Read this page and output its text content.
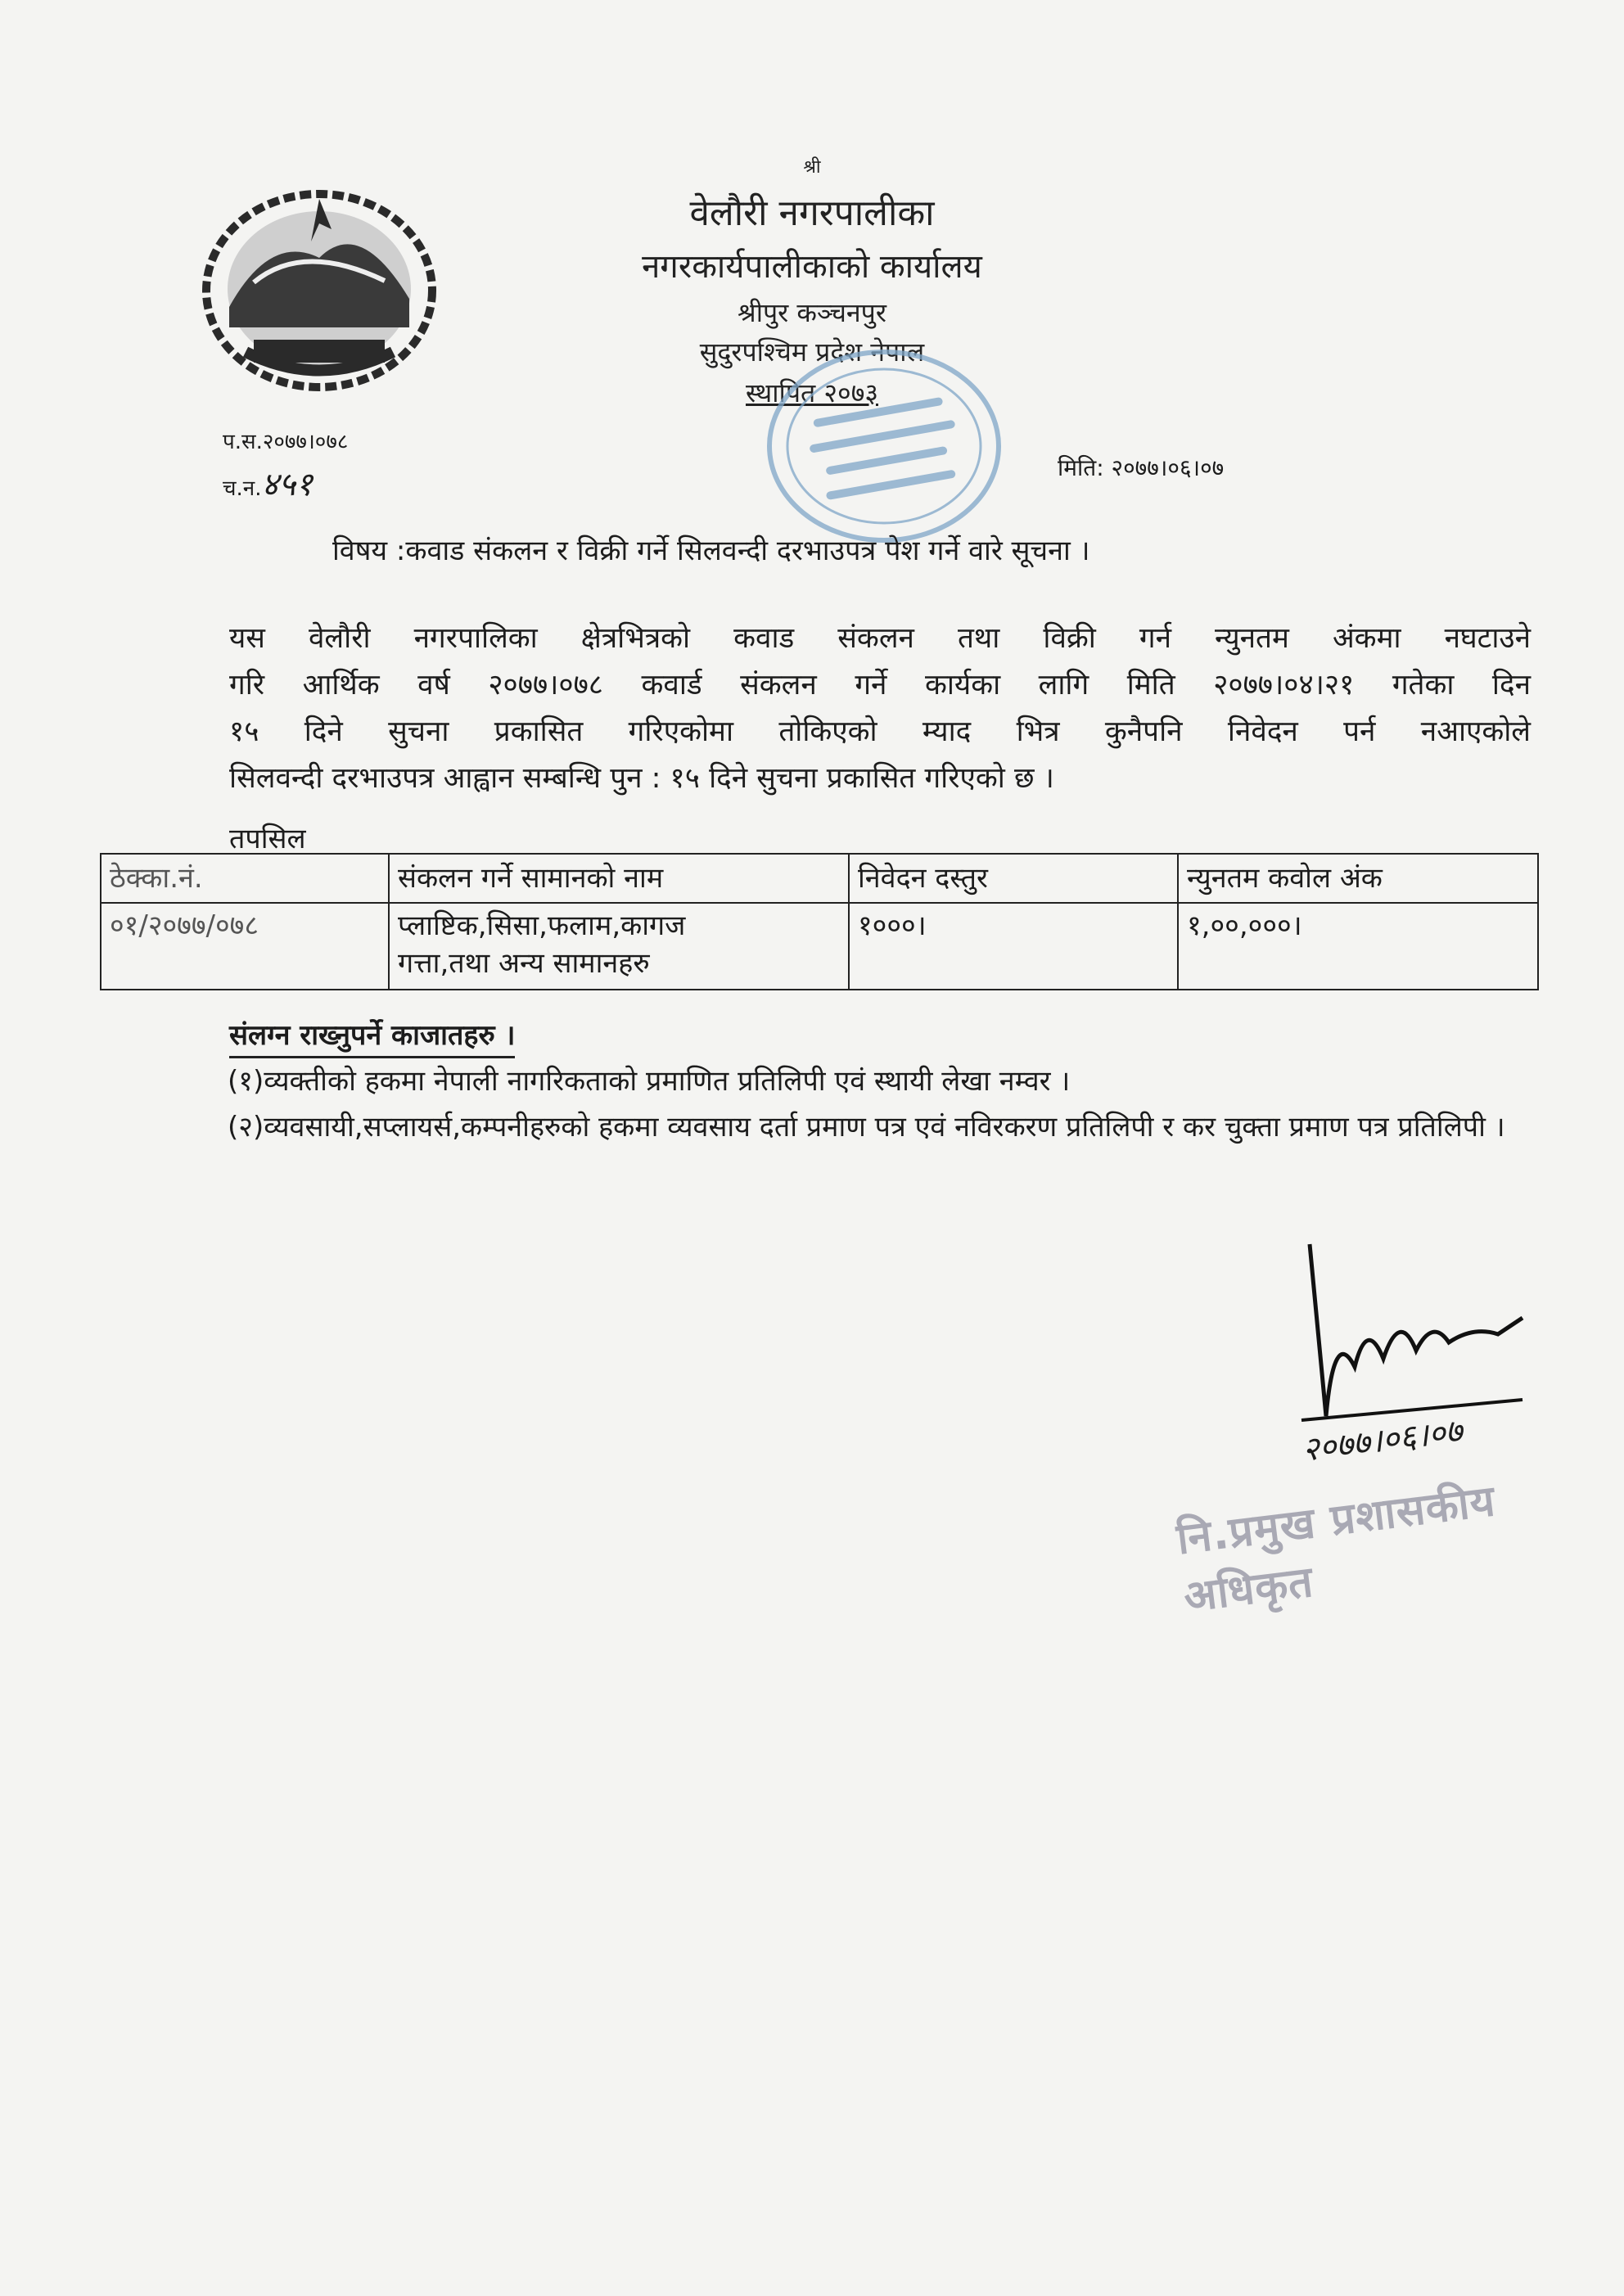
श्री
वेलौरी नगरपालीका
नगरकार्यपालीकाको कार्यालय
श्रीपुर कञ्चनपुर
सुदुरपश्चिम प्रदेश नेपाल
स्थापित २०७३
प.स.२०७७।०७८
च.न.४५१	मिति: २०७७।०६।०७
विषय :कवाड संकलन र विक्री गर्ने सिलवन्दी दरभाउपत्र पेश गर्ने वारे सूचना ।
यस वेलौरी नगरपालिका क्षेत्रभित्रको कवाड संकलन तथा विक्री गर्न न्युनतम अंकमा नघटाउने
गरि आर्थिक वर्ष २०७७।०७८ कवार्ड संकलन गर्ने कार्यका लागि मिति २०७७।०४।२१ गतेका दिन
१५ दिने सुचना प्रकासित गरिएकोमा तोकिएको म्याद भित्र कुनैपनि निवेदन पर्न नआएकोले
सिलवन्दी दरभाउपत्र आह्वान सम्बन्धि पुन : १५ दिने सुचना प्रकासित गरिएको छ ।
तपसिल
ठेक्का.नं.	संकलन गर्ने सामानको नाम	निवेदन दस्तुर	न्युनतम कवोल अंक
०१/२०७७/०७८	प्लाष्टिक,सिसा,फलाम,कागज
गत्ता,तथा अन्य सामानहरु	१०००।	१,००,०००।
संलग्न राख्नुपर्ने काजातहरु ।
(१)व्यक्तीको हकमा नेपाली नागरिकताको प्रमाणित प्रतिलिपी एवं स्थायी लेखा नम्वर ।
(२)व्यवसायी,सप्लायर्स,कम्पनीहरुको हकमा व्यवसाय दर्ता प्रमाण पत्र एवं नविरकरण प्रतिलिपी र कर चुक्ता प्रमाण पत्र प्रतिलिपी ।
२०७७।०६।०७
नि.प्रमुख प्रशासकीय अधिकृत
